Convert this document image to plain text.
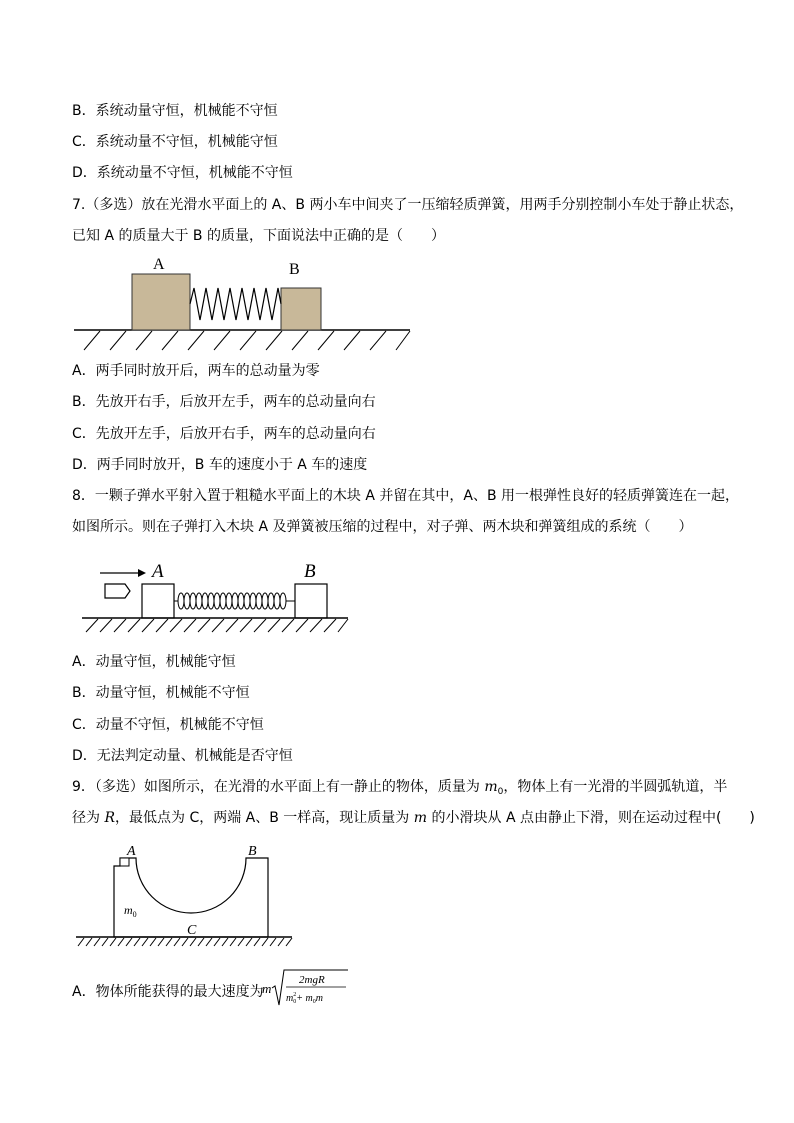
B．系统动量守恒，机械能不守恒
C．系统动量不守恒，机械能守恒
D．系统动量不守恒，机械能不守恒
7.（多选）放在光滑水平面上的 A、B 两小车中间夹了一压缩轻质弹簧，用两手分别控制小车处于静止状态，
已知 A 的质量大于 B 的质量，下面说法中正确的是（　　）
A	B
A．两手同时放开后，两车的总动量为零
B．先放开右手，后放开左手，两车的总动量向右
C．先放开左手，后放开右手，两车的总动量向右
D．两手同时放开，B 车的速度小于 A 车的速度
8．一颗子弹水平射入置于粗糙水平面上的木块 A 并留在其中，A、B 用一根弹性良好的轻质弹簧连在一起，
如图所示。则在子弹打入木块 A 及弹簧被压缩的过程中，对子弹、两木块和弹簧组成的系统（　　）
A	B
A．动量守恒，机械能守恒
B．动量守恒，机械能不守恒
C．动量不守恒，机械能不守恒
D．无法判定动量、机械能是否守恒
9．（多选）如图所示，在光滑的水平面上有一静止的物体，质量为 $m_0$，物体上有一光滑的半圆弧轨道，半
径为 R，最低点为 C，两端 A、B 一样高，现让质量为 m 的小滑块从 A 点由静止下滑，则在运动过程中(　　)
A	B
C
$m_0$
A．物体所能获得的最大速度为
m
2mgR
$m_02+ m_0m$
